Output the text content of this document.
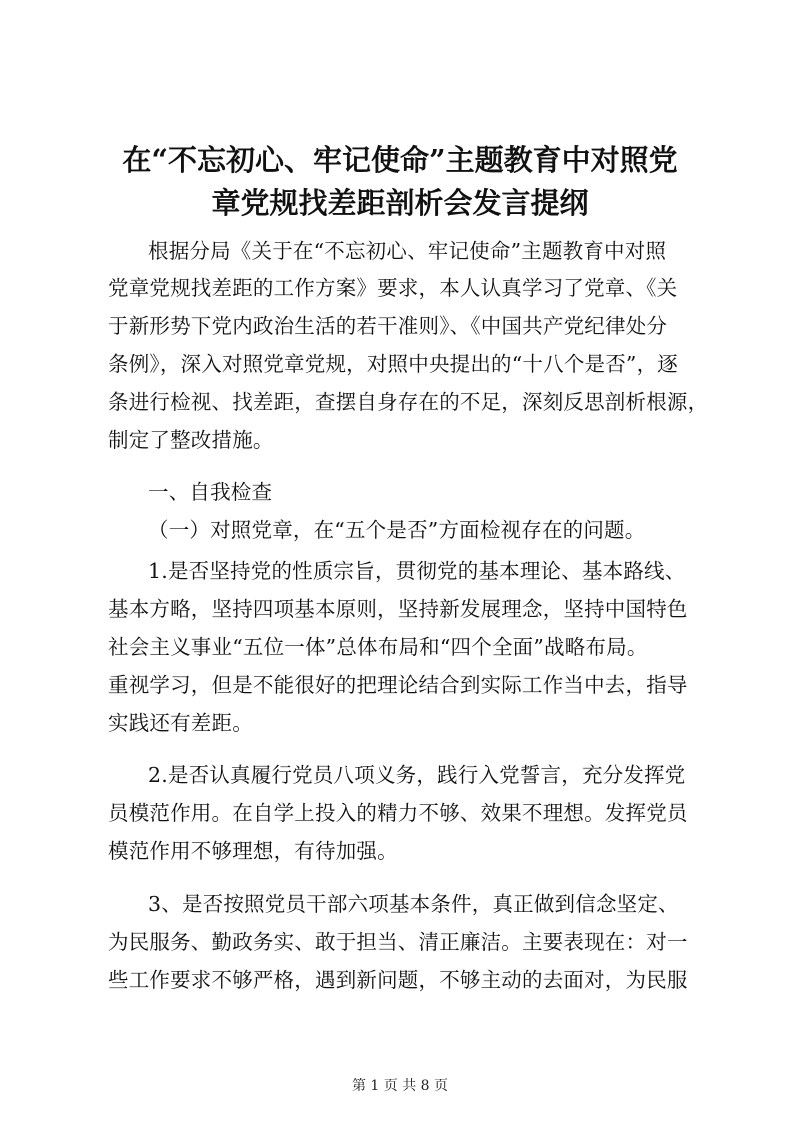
在“不忘初心、牢记使命”主题教育中对照党
章党规找差距剖析会发言提纲

根据分局《关于在“不忘初心、牢记使命”主题教育中对照

党章党规找差距的工作方案》要求，本人认真学习了党章、《关

于新形势下党内政治生活的若干准则》、《中国共产党纪律处分

条例》，深入对照党章党规，对照中央提出的“十八个是否”，逐

条进行检视、找差距，查摆自身存在的不足，深刻反思剖析根源，

制定了整改措施。

一、自我检查

（一）对照党章，在“五个是否”方面检视存在的问题。

1.是否坚持党的性质宗旨，贯彻党的基本理论、基本路线、

基本方略，坚持四项基本原则，坚持新发展理念，坚持中国特色

社会主义事业“五位一体”总体布局和“四个全面”战略布局。

重视学习，但是不能很好的把理论结合到实际工作当中去，指导

实践还有差距。

2.是否认真履行党员八项义务，践行入党誓言，充分发挥党

员模范作用。在自学上投入的精力不够、效果不理想。发挥党员

模范作用不够理想，有待加强。

3、是否按照党员干部六项基本条件，真正做到信念坚定、

为民服务、勤政务实、敢于担当、清正廉洁。主要表现在：对一

些工作要求不够严格，遇到新问题，不够主动的去面对，为民服

第 1 页 共 8 页
